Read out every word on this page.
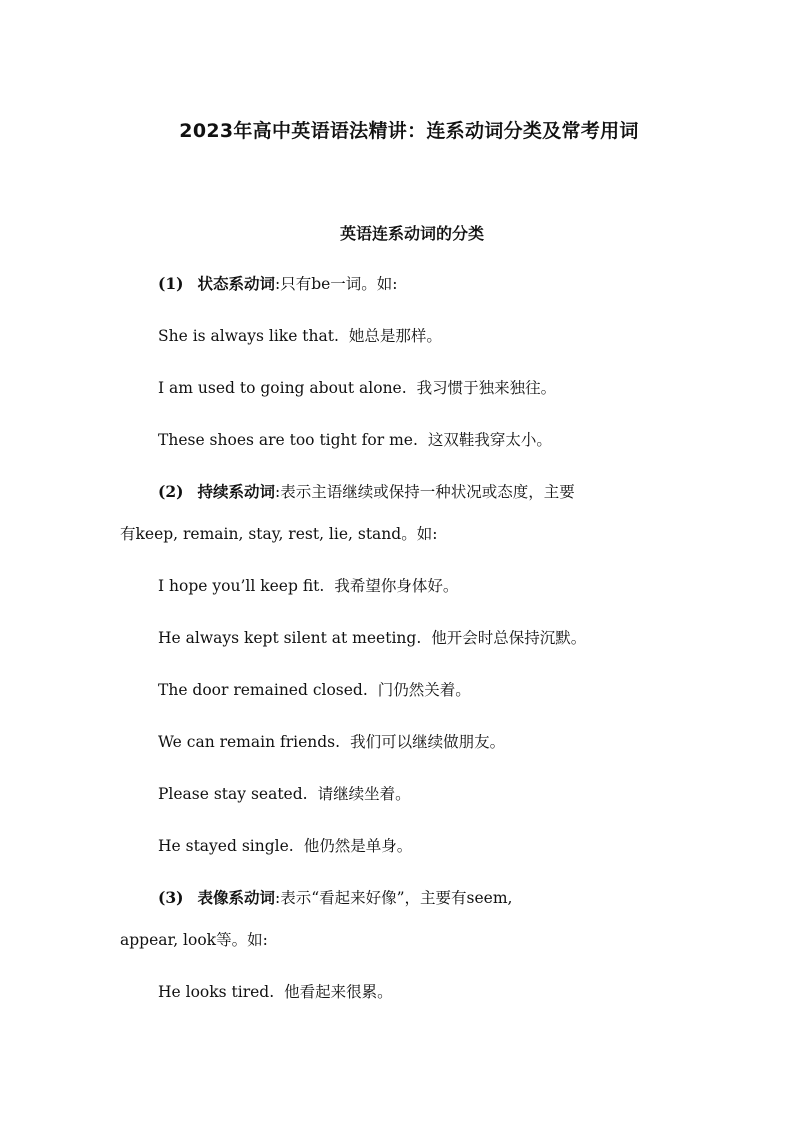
2023年高中英语语法精讲：连系动词分类及常考用词
英语连系动词的分类
(1) 状态系动词:只有be一词。如:
She is always like that. 她总是那样。
I am used to going about alone. 我习惯于独来独往。
These shoes are too tight for me. 这双鞋我穿太小。
(2) 持续系动词:表示主语继续或保持一种状况或态度，主要
有keep, remain, stay, rest, lie, stand。如:
I hope you’ll keep fit. 我希望你身体好。
He always kept silent at meeting. 他开会时总保持沉默。
The door remained closed. 门仍然关着。
We can remain friends. 我们可以继续做朋友。
Please stay seated. 请继续坐着。
He stayed single. 他仍然是单身。
(3) 表像系动词:表示“看起来好像”，主要有seem,
appear, look等。如:
He looks tired. 他看起来很累。
